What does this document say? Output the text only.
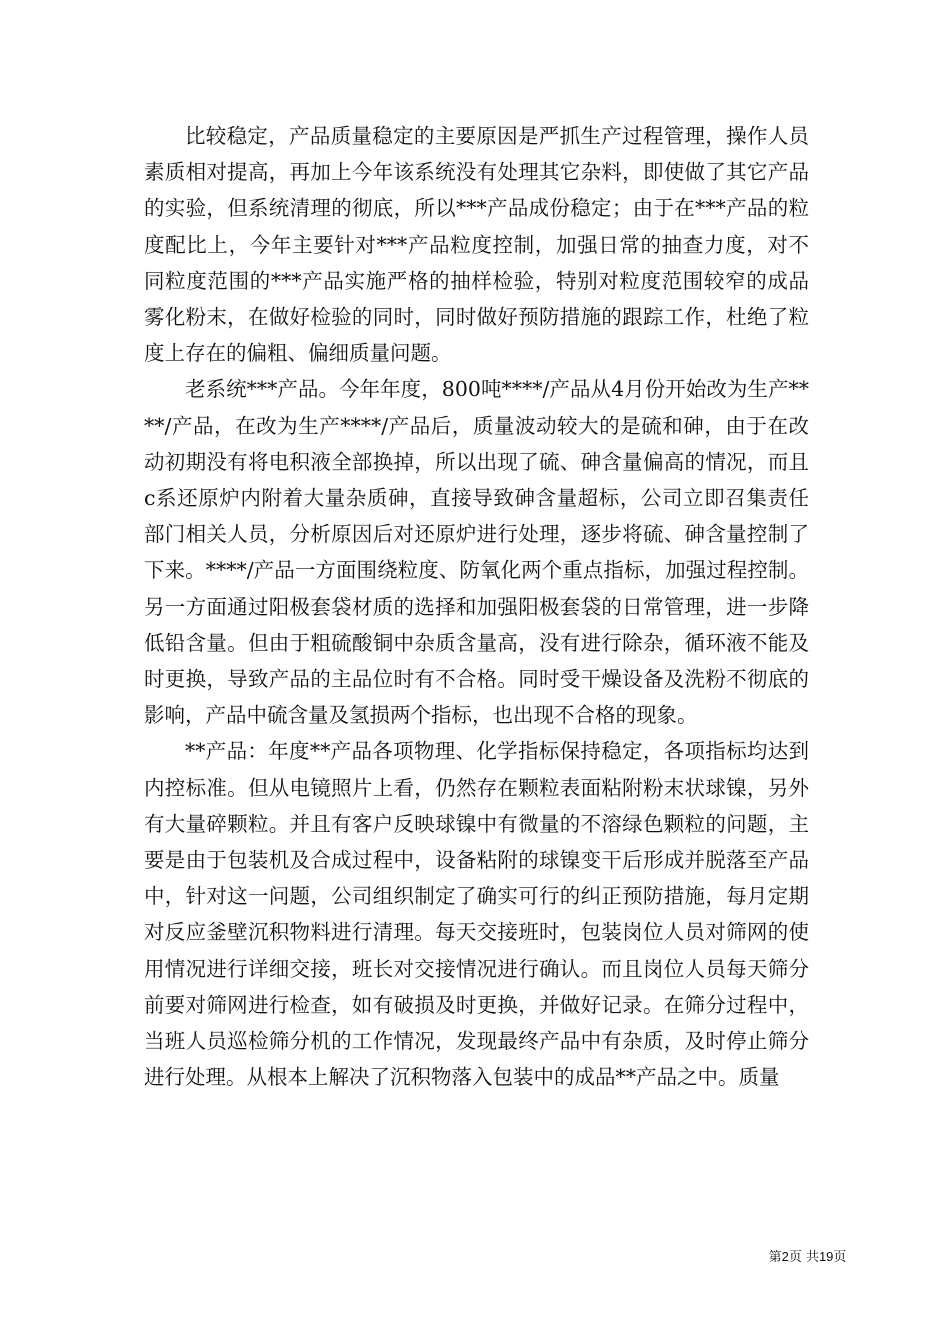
比较稳定，产品质量稳定的主要原因是严抓生产过程管理，操作人员素质相对提高，再加上今年该系统没有处理其它杂料，即使做了其它产品的实验，但系统清理的彻底，所以***产品成份稳定；由于在***产品的粒度配比上，今年主要针对***产品粒度控制，加强日常的抽查力度，对不同粒度范围的***产品实施严格的抽样检验，特别对粒度范围较窄的成品雾化粉末，在做好检验的同时，同时做好预防措施的跟踪工作，杜绝了粒度上存在的偏粗、偏细质量问题。

老系统***产品。今年年度，800吨****/产品从4月份开始改为生产****/产品，在改为生产****/产品后，质量波动较大的是硫和砷，由于在改动初期没有将电积液全部换掉，所以出现了硫、砷含量偏高的情况，而且c系还原炉内附着大量杂质砷，直接导致砷含量超标，公司立即召集责任部门相关人员，分析原因后对还原炉进行处理，逐步将硫、砷含量控制了下来。****/产品一方面围绕粒度、防氧化两个重点指标，加强过程控制。另一方面通过阳极套袋材质的选择和加强阳极套袋的日常管理，进一步降低铅含量。但由于粗硫酸铜中杂质含量高，没有进行除杂，循环液不能及时更换，导致产品的主品位时有不合格。同时受干燥设备及洗粉不彻底的影响，产品中硫含量及氢损两个指标，也出现不合格的现象。

**产品：年度**产品各项物理、化学指标保持稳定，各项指标均达到内控标准。但从电镜照片上看，仍然存在颗粒表面粘附粉末状球镍，另外有大量碎颗粒。并且有客户反映球镍中有微量的不溶绿色颗粒的问题，主要是由于包装机及合成过程中，设备粘附的球镍变干后形成并脱落至产品中，针对这一问题，公司组织制定了确实可行的纠正预防措施，每月定期对反应釜壁沉积物料进行清理。每天交接班时，包装岗位人员对筛网的使用情况进行详细交接，班长对交接情况进行确认。而且岗位人员每天筛分前要对筛网进行检查，如有破损及时更换，并做好记录。在筛分过程中，当班人员巡检筛分机的工作情况，发现最终产品中有杂质，及时停止筛分进行处理。从根本上解决了沉积物落入包装中的成品**产品之中。质量

第2页 共19页
